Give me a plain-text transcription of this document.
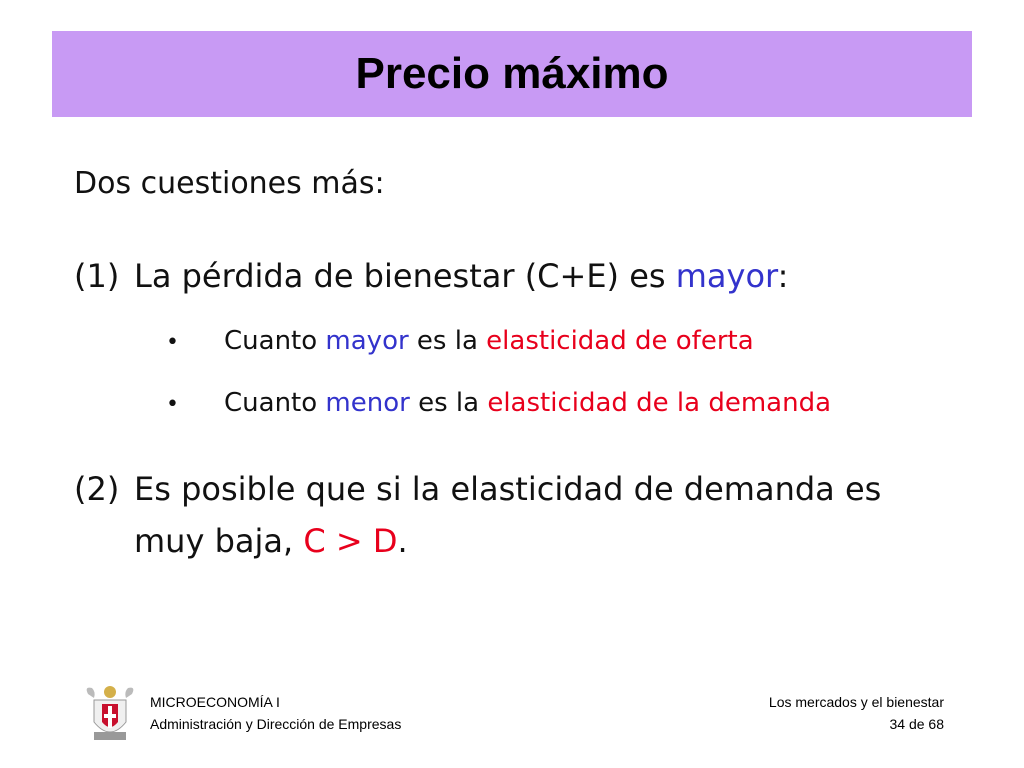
Precio máximo
Dos cuestiones más:
(1) La pérdida de bienestar (C+E) es mayor:
• Cuanto mayor es la elasticidad de oferta
• Cuanto menor es la elasticidad de la demanda
(2) Es posible que si la elasticidad de demanda es
muy baja, C > D.
MICROECONOMÍA I
Administración y Dirección de Empresas
Los mercados y el bienestar
34 de 68
